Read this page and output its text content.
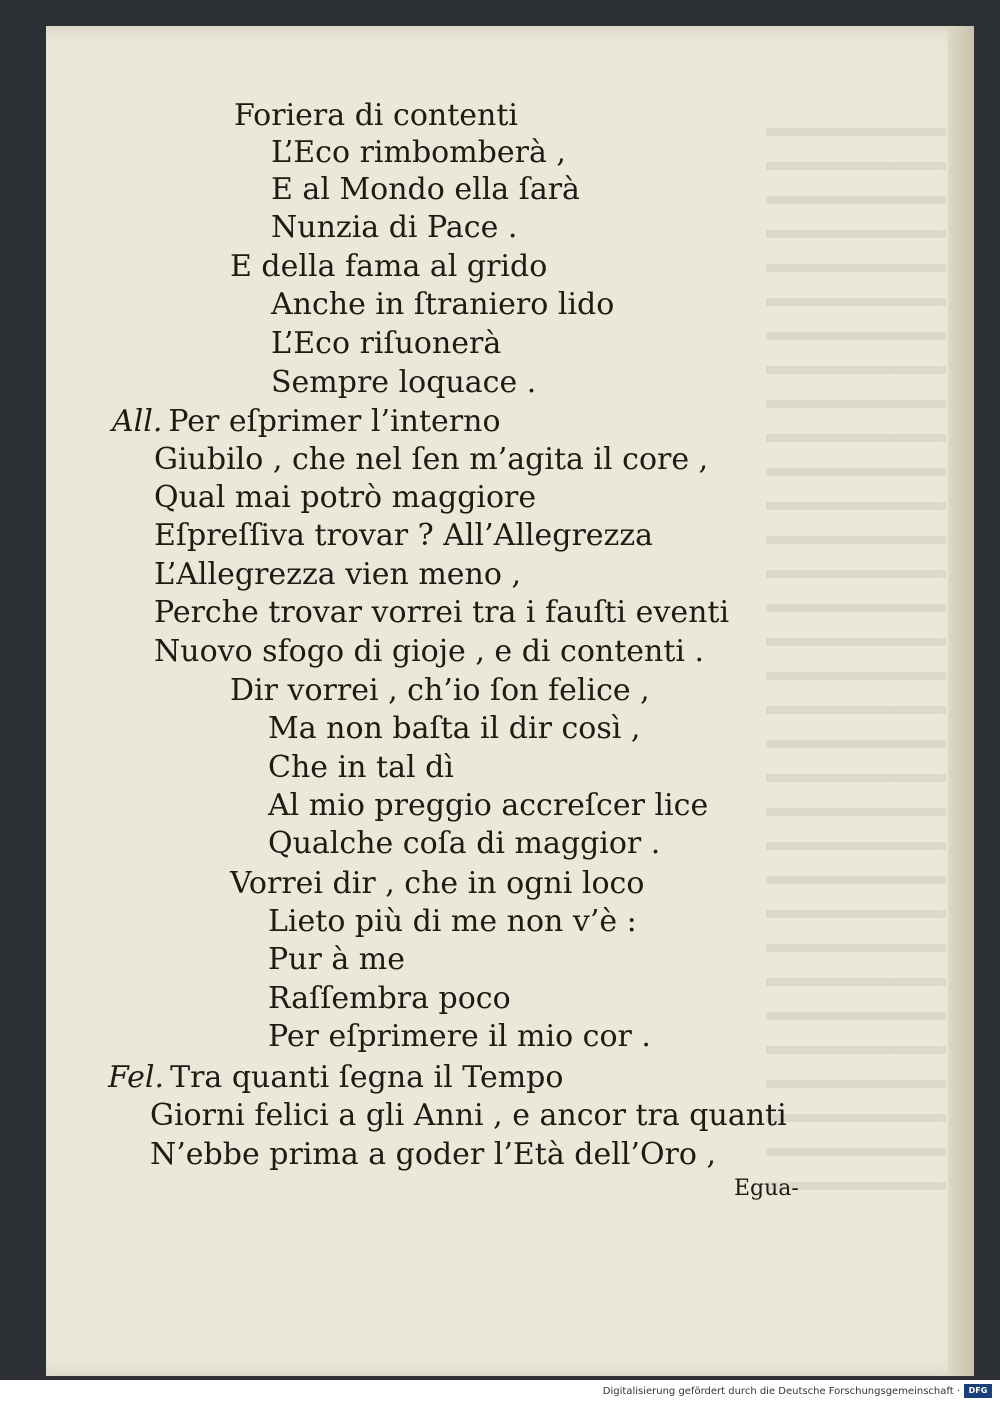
Foriera di contenti
L’Eco rimbomberà ,
E al Mondo ella ſarà
Nunzia di Pace .
E della fama al grido
Anche in ſtraniero lido
L’Eco riſuonerà
Sempre loquace .
All. Per eſprimer l’interno
Giubilo , che nel ſen m’agita il core ,
Qual mai potrò maggiore
Eſpreſſiva trovar ? All’Allegrezza
L’Allegrezza vien meno ,
Perche trovar vorrei tra i fauſti eventi
Nuovo sfogo di gioje , e di contenti .
Dir vorrei , ch’io ſon felice ,
Ma non baſta il dir così ,
Che in tal dì
Al mio preggio accreſcer lice
Qualche coſa di maggior .
Vorrei dir , che in ogni loco
Lieto più di me non v’è :
Pur à me
Raſſembra poco
Per eſprimere il mio cor .
Fel. Tra quanti ſegna il Tempo
Giorni felici a gli Anni , e ancor tra quanti
N’ebbe prima a goder l’Età dell’Oro ,
Egua-
Digitalisierung gefördert durch die Deutsche Forschungsgemeinschaft ·	DFG
